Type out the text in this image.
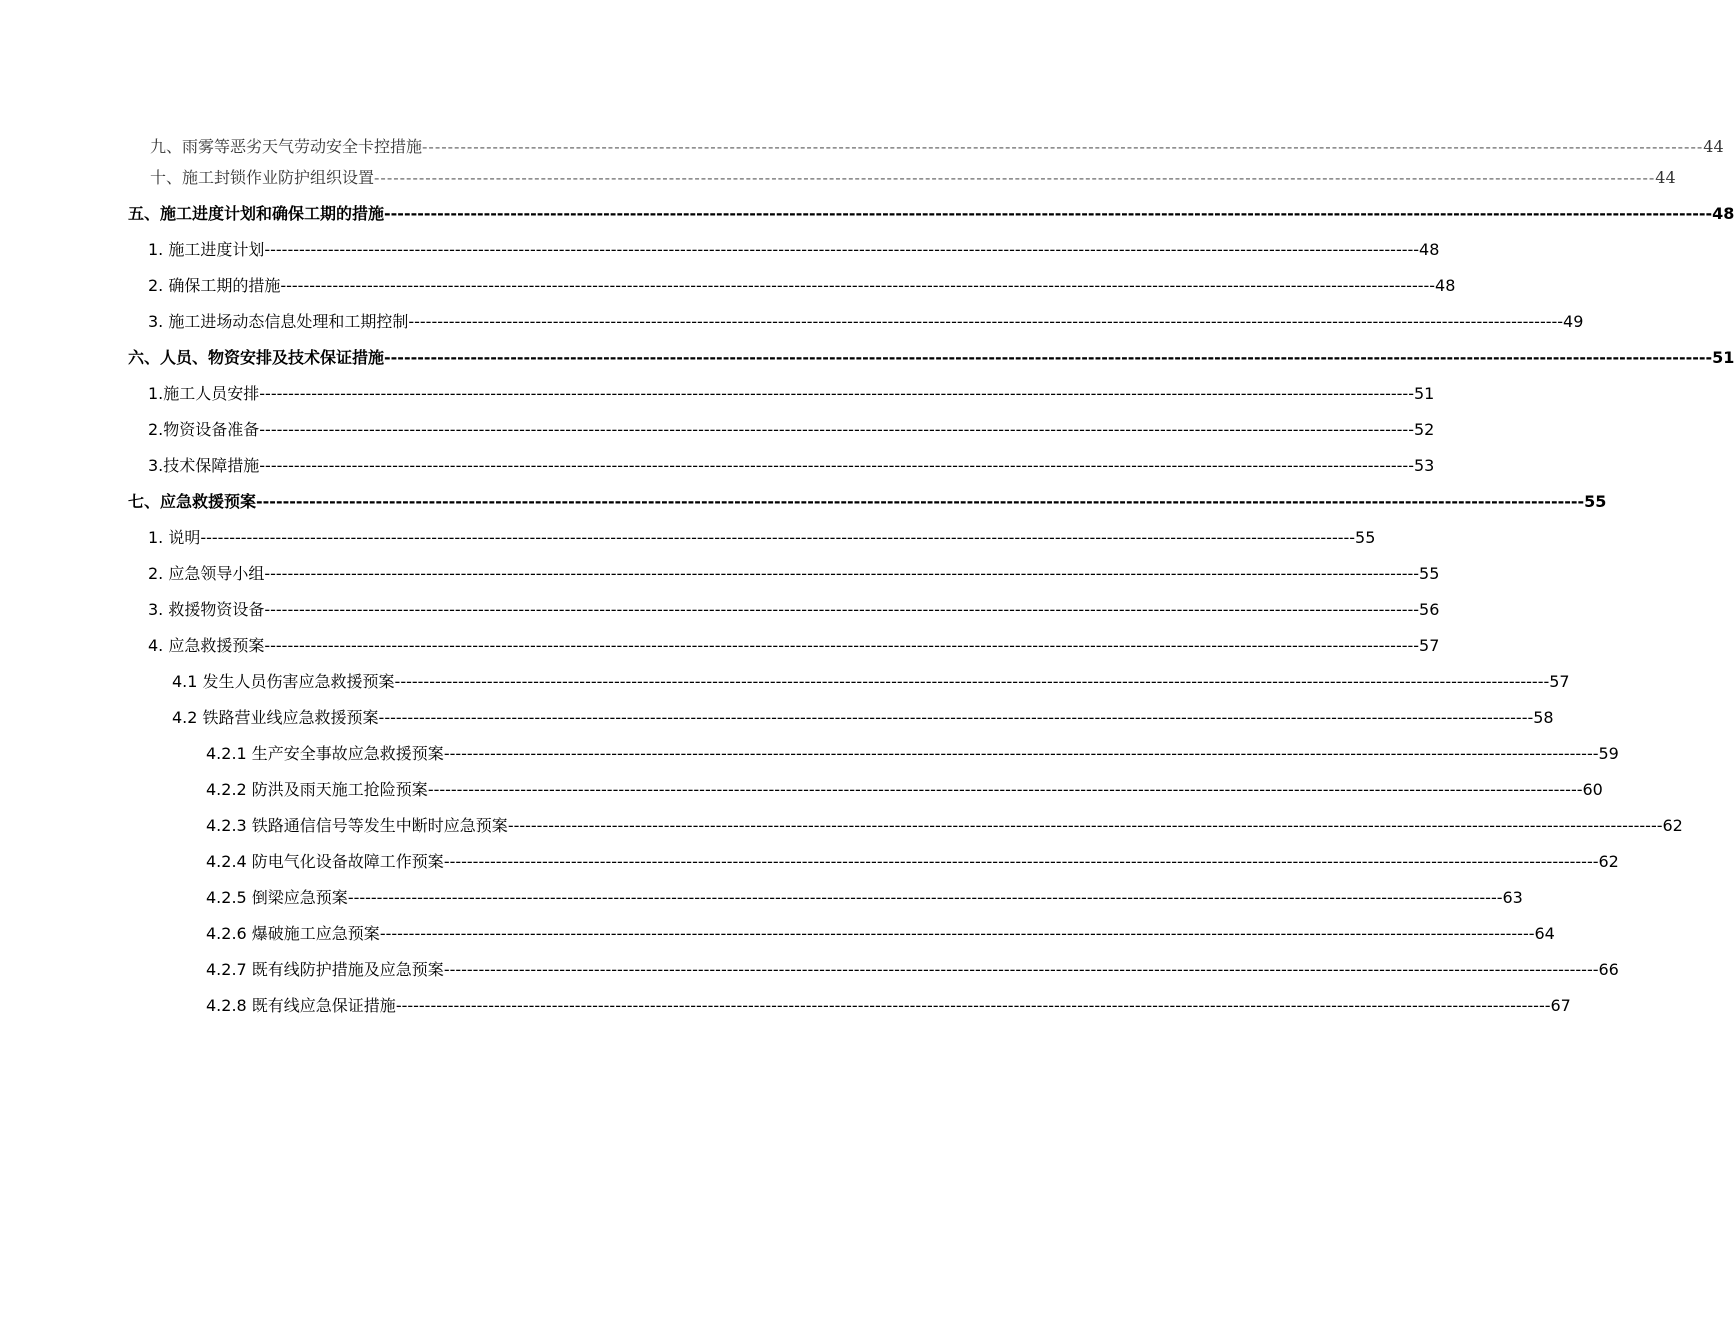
九、雨雾等恶劣天气劳动安全卡控措施 -------------------------------------------------------------------------------------------------------------------------------------------------------------------------------------------------------- 44
十、施工封锁作业防护组织设置 -------------------------------------------------------------------------------------------------------------------------------------------------------------------------------------------------------- 44
五、施工进度计划和确保工期的措施 -------------------------------------------------------------------------------------------------------------------------------------------------------------------------------------------------------- 48
1. 施工进度计划 -------------------------------------------------------------------------------------------------------------------------------------------------------------------------------------------------------- 48
2. 确保工期的措施 -------------------------------------------------------------------------------------------------------------------------------------------------------------------------------------------------------- 48
3. 施工进场动态信息处理和工期控制 -------------------------------------------------------------------------------------------------------------------------------------------------------------------------------------------------------- 49
六、人员、物资安排及技术保证措施 -------------------------------------------------------------------------------------------------------------------------------------------------------------------------------------------------------- 51
1.施工人员安排 -------------------------------------------------------------------------------------------------------------------------------------------------------------------------------------------------------- 51
2.物资设备准备 -------------------------------------------------------------------------------------------------------------------------------------------------------------------------------------------------------- 52
3.技术保障措施 -------------------------------------------------------------------------------------------------------------------------------------------------------------------------------------------------------- 53
七、应急救援预案 -------------------------------------------------------------------------------------------------------------------------------------------------------------------------------------------------------- 55
1. 说明 -------------------------------------------------------------------------------------------------------------------------------------------------------------------------------------------------------- 55
2. 应急领导小组 -------------------------------------------------------------------------------------------------------------------------------------------------------------------------------------------------------- 55
3. 救援物资设备 -------------------------------------------------------------------------------------------------------------------------------------------------------------------------------------------------------- 56
4. 应急救援预案 -------------------------------------------------------------------------------------------------------------------------------------------------------------------------------------------------------- 57
4.1 发生人员伤害应急救援预案 -------------------------------------------------------------------------------------------------------------------------------------------------------------------------------------------------------- 57
4.2 铁路营业线应急救援预案 -------------------------------------------------------------------------------------------------------------------------------------------------------------------------------------------------------- 58
4.2.1 生产安全事故应急救援预案 -------------------------------------------------------------------------------------------------------------------------------------------------------------------------------------------------------- 59
4.2.2 防洪及雨天施工抢险预案 -------------------------------------------------------------------------------------------------------------------------------------------------------------------------------------------------------- 60
4.2.3 铁路通信信号等发生中断时应急预案 -------------------------------------------------------------------------------------------------------------------------------------------------------------------------------------------------------- 62
4.2.4 防电气化设备故障工作预案 -------------------------------------------------------------------------------------------------------------------------------------------------------------------------------------------------------- 62
4.2.5 倒梁应急预案 -------------------------------------------------------------------------------------------------------------------------------------------------------------------------------------------------------- 63
4.2.6 爆破施工应急预案 -------------------------------------------------------------------------------------------------------------------------------------------------------------------------------------------------------- 64
4.2.7 既有线防护措施及应急预案 -------------------------------------------------------------------------------------------------------------------------------------------------------------------------------------------------------- 66
4.2.8 既有线应急保证措施 -------------------------------------------------------------------------------------------------------------------------------------------------------------------------------------------------------- 67
